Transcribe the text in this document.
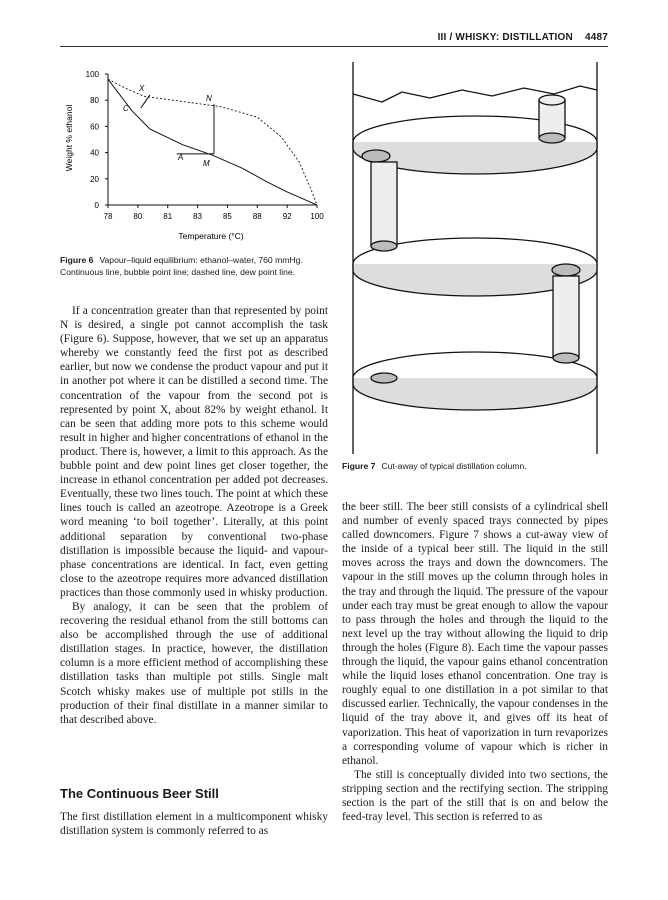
III / WHISKY: DISTILLATION 4487
0
20
40
60
80
100
78	80	81	83	85	88	92 100
Weight % ethanol
Temperature (°C)
X
C
N
A
M
Figure 6 Vapour–liquid equilibrium: ethanol–water, 760 mmHg. Continuous line, bubble point line; dashed line, dew point line.
Figure 7 Cut-away of typical distillation column.

If a concentration greater than that represented by point N is desired, a single pot cannot accomplish the task (Figure 6). Suppose, however, that we set up an apparatus whereby we constantly feed the first pot as described earlier, but now we condense the product vapour and put it in another pot where it can be distilled a second time. The concentration of the vapour from the second pot is represented by point X, about 82% by weight ethanol. It can be seen that adding more pots to this scheme would result in higher and higher concentrations of ethanol in the product. There is, however, a limit to this approach. As the bubble point and dew point lines get closer together, the increase in ethanol concentration per added pot decreases. Eventually, these two lines touch. The point at which these lines touch is called an azeotrope. Azeotrope is a Greek word meaning ‘to boil together’. Literally, at this point additional separation by conventional two-phase distillation is impossible because the liquid- and vapour-phase concentrations are identical. In fact, even getting close to the azeotrope requires more advanced distillation practices than those commonly used in whisky production.

By analogy, it can be seen that the problem of recovering the residual ethanol from the still bottoms can also be accomplished through the use of additional distillation stages. In practice, however, the distillation column is a more efficient method of accomplishing these distillation tasks than multiple pot stills. Single malt Scotch whisky makes use of multiple pot stills in the production of their final distillate in a manner similar to that described above.

The Continuous Beer Still

The first distillation element in a multicomponent whisky distillation system is commonly referred to as

the beer still. The beer still consists of a cylindrical shell and number of evenly spaced trays connected by pipes called downcomers. Figure 7 shows a cut-away view of the inside of a typical beer still. The liquid in the still moves across the trays and down the downcomers. The vapour in the still moves up the column through holes in the tray and through the liquid. The pressure of the vapour under each tray must be great enough to allow the vapour to pass through the holes and through the liquid to the next level up the tray without allowing the liquid to drip through the holes (Figure 8). Each time the vapour passes through the liquid, the vapour gains ethanol concentration while the liquid loses ethanol concentration. One tray is roughly equal to one distillation in a pot similar to that discussed earlier. Technically, the vapour condenses in the liquid of the tray above it, and gives off its heat of vaporization. This heat of vaporization in turn revaporizes a corresponding volume of vapour which is richer in ethanol.

The still is conceptually divided into two sections, the stripping section and the rectifying section. The stripping section is the part of the still that is on and below the feed-tray level. This section is referred to as
